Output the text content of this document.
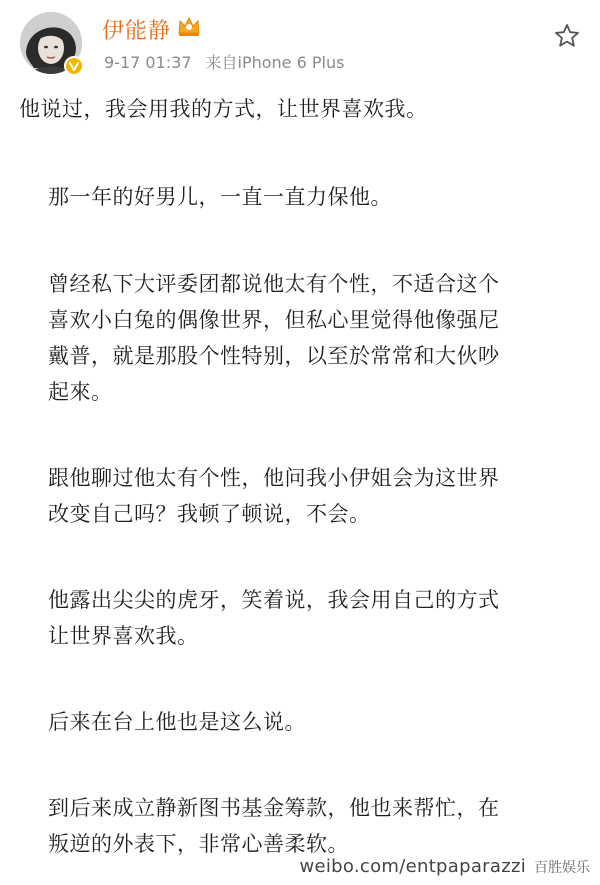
伊能静
9-17 01:37 来自iPhone 6 Plus
他说过，我会用我的方式，让世界喜欢我。
那一年的好男儿，一直一直力保他。
曾经私下大评委团都说他太有个性，不适合这个
喜欢小白兔的偶像世界，但私心里觉得他像强尼
戴普，就是那股个性特别，以至於常常和大伙吵
起來。
跟他聊过他太有个性，他问我小伊姐会为这世界
改变自己吗？我顿了顿说，不会。
他露出尖尖的虎牙，笑着说，我会用自己的方式
让世界喜欢我。
后来在台上他也是这么说。
到后来成立静新图书基金筹款，他也来帮忙，在
叛逆的外表下，非常心善柔软。
weibo.com/entpaparazzi 百胜娱乐
